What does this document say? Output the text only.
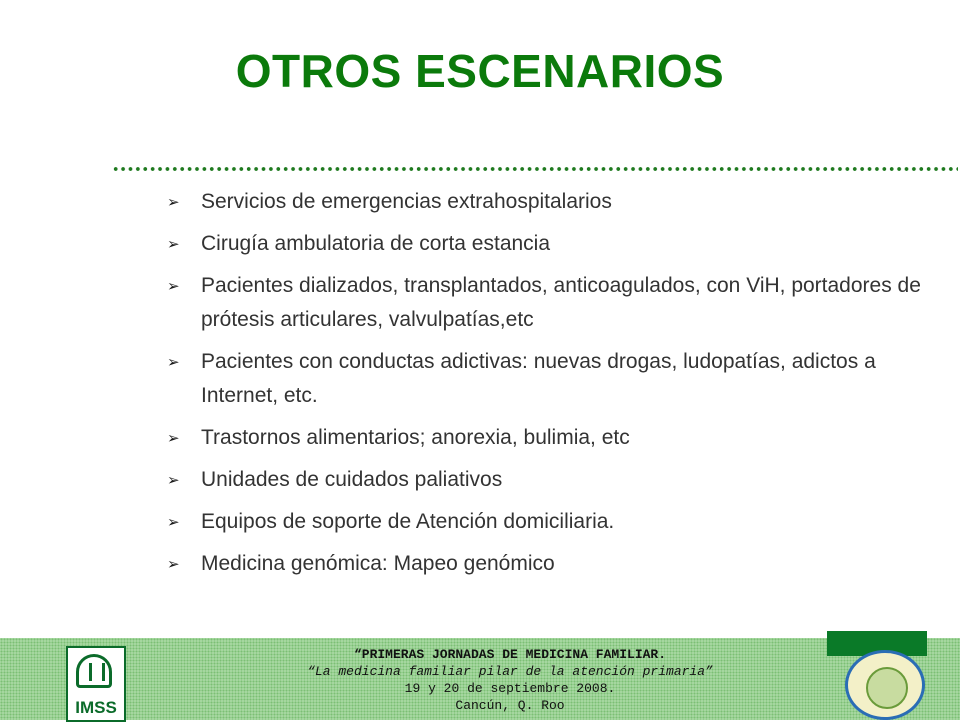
OTROS ESCENARIOS
➢ Servicios de emergencias extrahospitalarios
➢ Cirugía ambulatoria de corta estancia
➢ Pacientes dializados, transplantados, anticoagulados, con ViH, portadores de prótesis articulares, valvulpatías,etc
➢ Pacientes con conductas adictivas: nuevas drogas, ludopatías, adictos a Internet, etc.
➢ Trastornos alimentarios; anorexia, bulimia, etc
➢ Unidades de cuidados paliativos
➢ Equipos de soporte de Atención domiciliaria.
➢ Medicina genómica: Mapeo genómico
IMSS
“PRIMERAS JORNADAS DE MEDICINA FAMILIAR.
“La medicina familiar pilar de la atención primaria”
19 y 20 de septiembre 2008.
Cancún, Q. Roo
